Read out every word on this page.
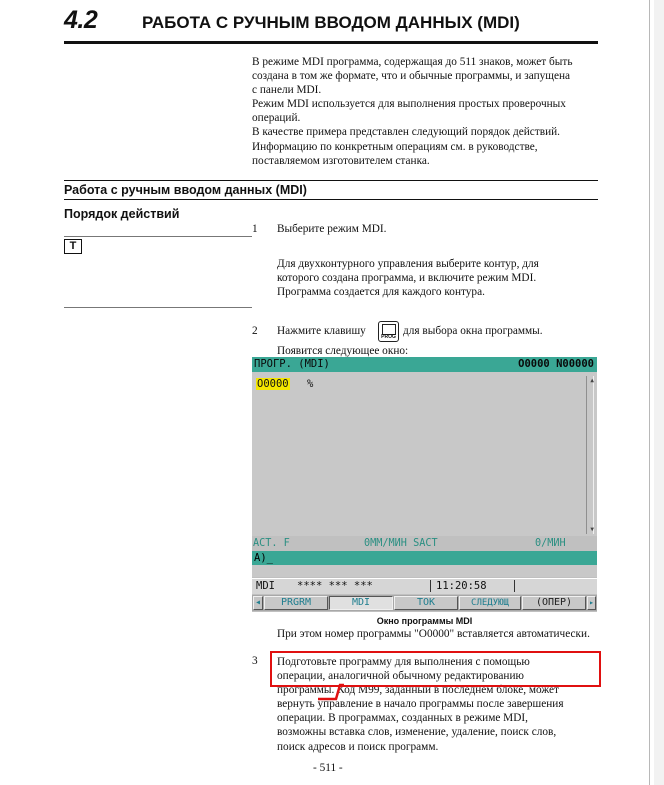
4.2	РАБОТА С РУЧНЫМ ВВОДОМ ДАННЫХ (MDI)
В режиме MDI программа, содержащая до 511 знаков, может быть
создана в том же формате, что и обычные программы, и запущена
с панели MDI.
Режим MDI используется для выполнения простых проверочных
операций.
В качестве примера представлен следующий порядок действий.
Информацию по конкретным операциям см. в руководстве,
поставляемом изготовителем станка.
Работа с ручным вводом данных (MDI)
Порядок действий
T
1 Выберите режим MDI.
Для двухконтурного управления выберите контур, для
которого создана программа, и включите режим MDI.
Программа создается для каждого контура.
2 Нажмите клавишу	PROG для выбора окна программы.
Появится следующее окно:
ПРОГР. (MDI)	O0000 N00000
O0000 %	▲
▼
ACT. F	0ММ/МИН SACT	0/МИН
A)_
MDI **** *** ***	11:20:58
◂	PRGRM	MDI	ТОК	СЛЕДУЮЩ	(ОПЕР)	▸
Окно программы MDI
При этом номер программы "O0000" вставляется автоматически.
3 Подготовьте программу для выполнения с помощью
операции, аналогичной обычному редактированию
программы. Код M99, заданный в последнем блоке, может
вернуть управление в начало программы после завершения
операции. В программах, созданных в режиме MDI,
возможны вставка слов, изменение, удаление, поиск слов,
поиск адресов и поиск программ.
- 511 -
